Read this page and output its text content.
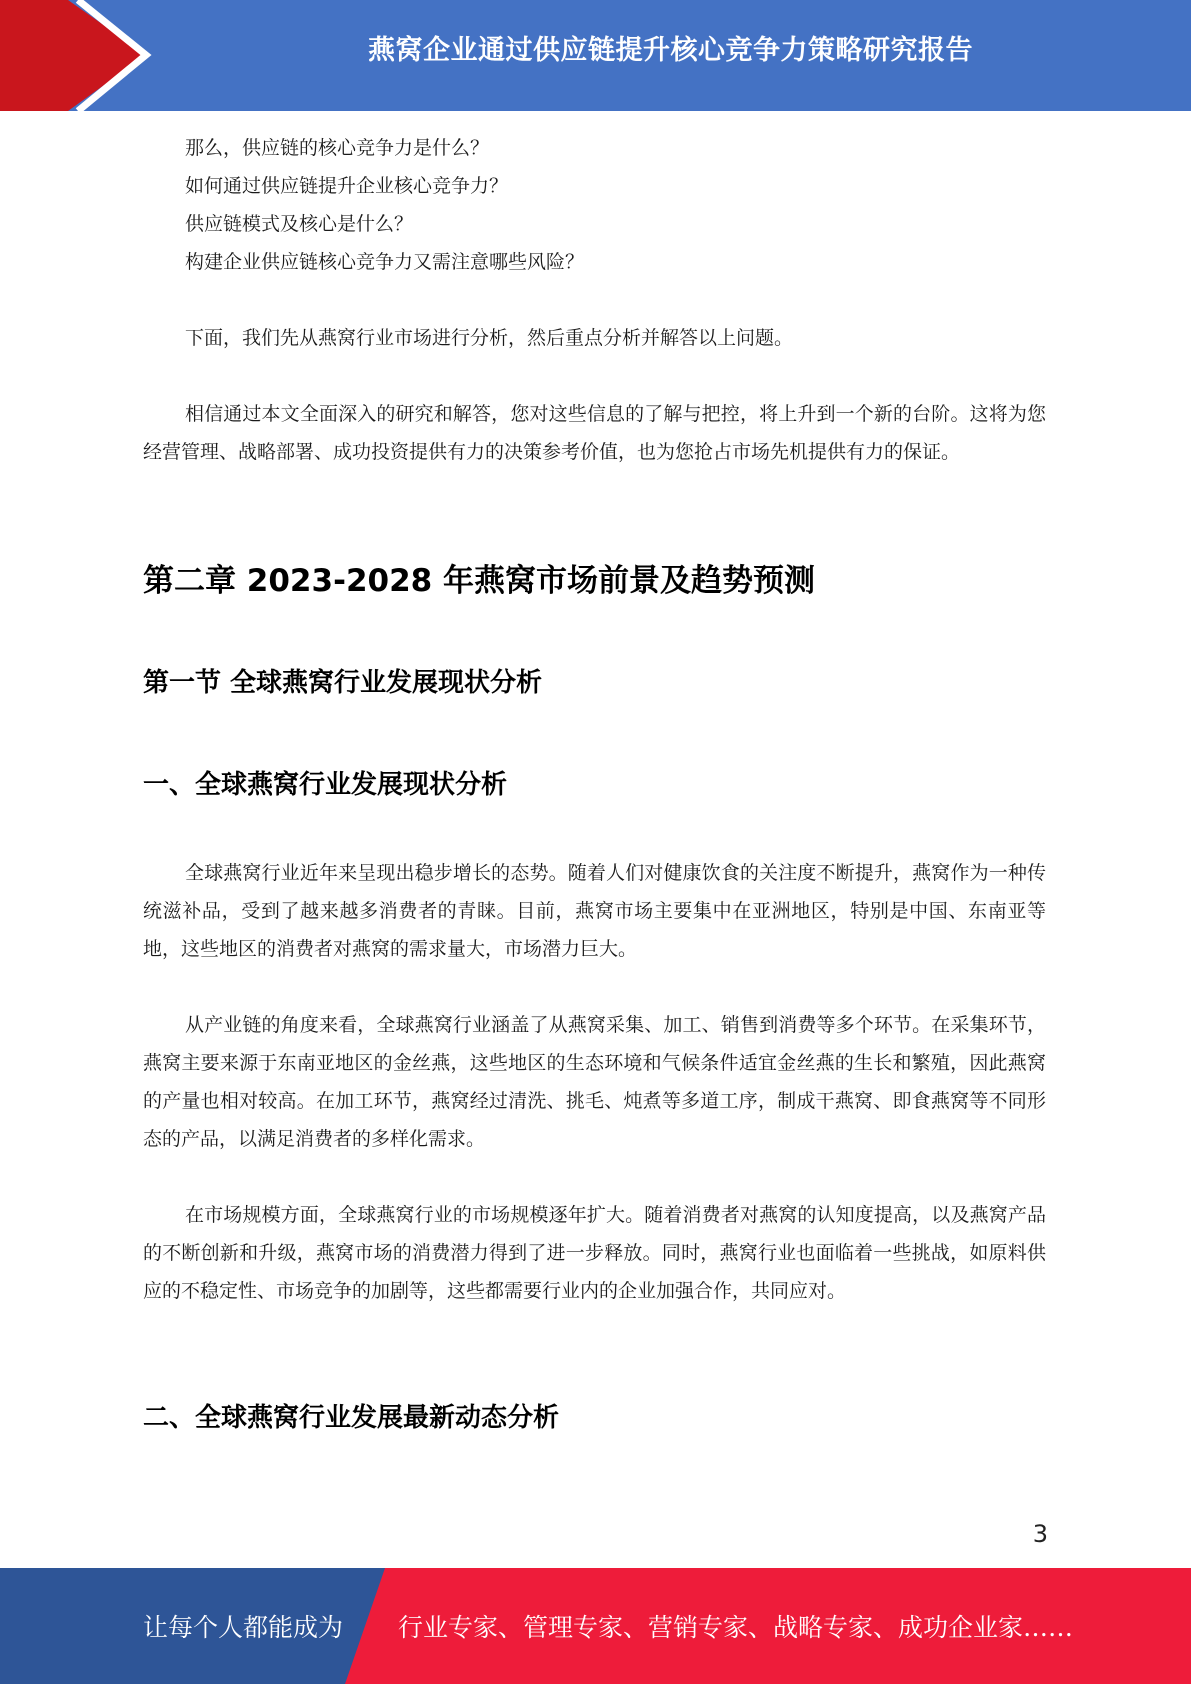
燕窝企业通过供应链提升核心竞争力策略研究报告

那么，供应链的核心竞争力是什么？

如何通过供应链提升企业核心竞争力？

供应链模式及核心是什么？

构建企业供应链核心竞争力又需注意哪些风险？

下面，我们先从燕窝行业市场进行分析，然后重点分析并解答以上问题。

相信通过本文全面深入的研究和解答，您对这些信息的了解与把控，将上升到一个新的台阶。这将为您经营管理、战略部署、成功投资提供有力的决策参考价值，也为您抢占市场先机提供有力的保证。

第二章 2023-2028 年燕窝市场前景及趋势预测
第一节 全球燕窝行业发展现状分析
一、全球燕窝行业发展现状分析

全球燕窝行业近年来呈现出稳步增长的态势。随着人们对健康饮食的关注度不断提升，燕窝作为一种传统滋补品，受到了越来越多消费者的青睐。目前，燕窝市场主要集中在亚洲地区，特别是中国、东南亚等地，这些地区的消费者对燕窝的需求量大，市场潜力巨大。

从产业链的角度来看，全球燕窝行业涵盖了从燕窝采集、加工、销售到消费等多个环节。在采集环节，燕窝主要来源于东南亚地区的金丝燕，这些地区的生态环境和气候条件适宜金丝燕的生长和繁殖，因此燕窝的产量也相对较高。在加工环节，燕窝经过清洗、挑毛、炖煮等多道工序，制成干燕窝、即食燕窝等不同形态的产品，以满足消费者的多样化需求。

在市场规模方面，全球燕窝行业的市场规模逐年扩大。随着消费者对燕窝的认知度提高，以及燕窝产品的不断创新和升级，燕窝市场的消费潜力得到了进一步释放。同时，燕窝行业也面临着一些挑战，如原料供应的不稳定性、市场竞争的加剧等，这些都需要行业内的企业加强合作，共同应对。

二、全球燕窝行业发展最新动态分析
3
让每个人都能成为 行业专家、管理专家、营销专家、战略专家、成功企业家……
